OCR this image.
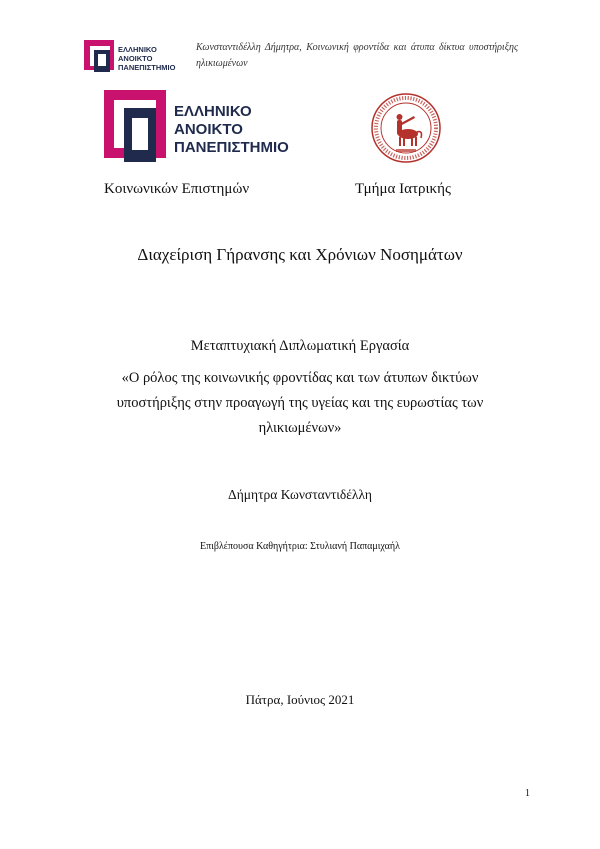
ΕΛΛΗΝΙΚΟ
ΑΝΟΙΚΤΟ
ΠΑΝΕΠΙΣΤΗΜΙΟ
Κωνσταντιδέλλη Δήμητρα, Κοινωνική φροντίδα και άτυπα δίκτυα υποστήριξης ηλικιωμένων
ΕΛΛΗΝΙΚΟ
ΑΝΟΙΚΤΟ
ΠΑΝΕΠΙΣΤΗΜΙΟ
Κοινωνικών Επιστημών	Τμήμα Ιατρικής
Διαχείριση Γήρανσης και Χρόνιων Νοσημάτων
Μεταπτυχιακή Διπλωματική Εργασία
«Ο ρόλος της κοινωνικής φροντίδας και των άτυπων δικτύων υποστήριξης στην προαγωγή της υγείας και της ευρωστίας των ηλικιωμένων»
Δήμητρα Κωνσταντιδέλλη
Επιβλέπουσα Καθηγήτρια: Στυλιανή Παπαμιχαήλ
Πάτρα, Ιούνιος 2021
1
